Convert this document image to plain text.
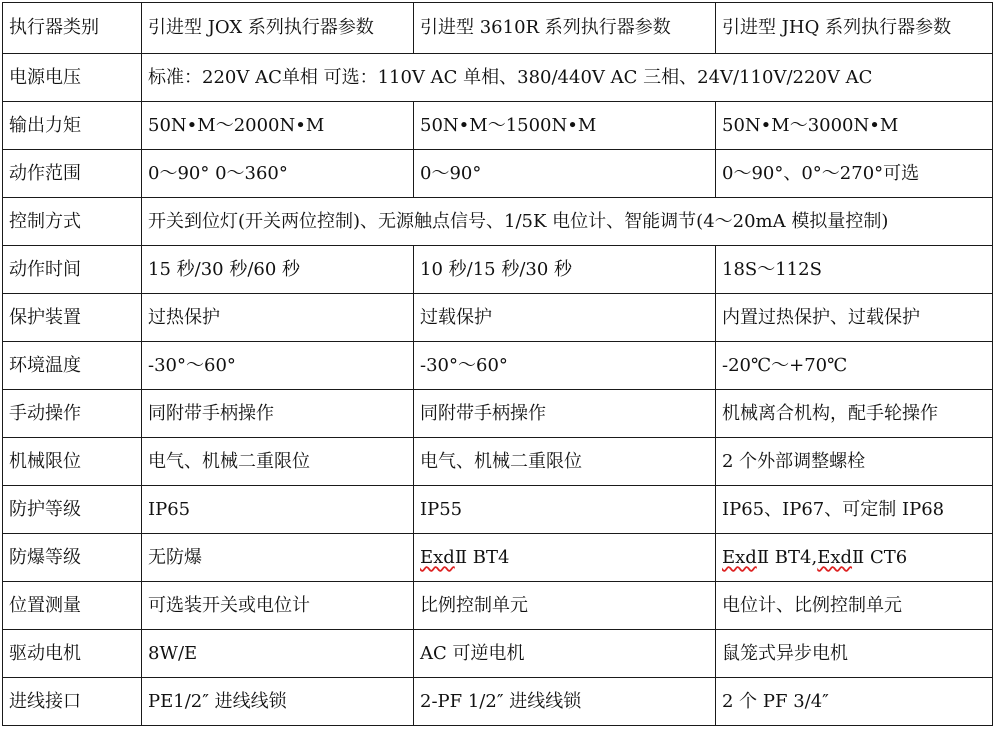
执行器类别	引进型 JOX 系列执行器参数	引进型 3610R 系列执行器参数	引进型 JHQ 系列执行器参数
电源电压	标准：220V AC单相 可选：110V AC 单相、380/440V AC 三相、24V/110V/220V AC		
输出力矩	50N•M～2000N•M	50N•M～1500N•M	50N•M～3000N•M
动作范围	0～90° 0～360°	0～90°	0～90°、0°～270°可选
控制方式	开关到位灯(开关两位控制)、无源触点信号、1/5K 电位计、智能调节(4～20mA 模拟量控制)		
动作时间	15 秒/30 秒/60 秒	10 秒/15 秒/30 秒	18S～112S
保护装置	过热保护	过载保护	内置过热保护、过载保护
环境温度	-30°～60°	-30°～60°	-20℃～+70℃
手动操作	同附带手柄操作	同附带手柄操作	机械离合机构，配手轮操作
机械限位	电气、机械二重限位	电气、机械二重限位	2 个外部调整螺栓
防护等级	IP65	IP55	IP65、IP67、可定制 IP68
防爆等级	无防爆	ExdⅡ BT4	ExdⅡ BT4,ExdⅡ CT6
位置测量	可选装开关或电位计	比例控制单元	电位计、比例控制单元
驱动电机	8W/E	AC 可逆电机	鼠笼式异步电机
进线接口	PE1/2″ 进线线锁	2-PF 1/2″ 进线线锁	2 个 PF 3/4″
